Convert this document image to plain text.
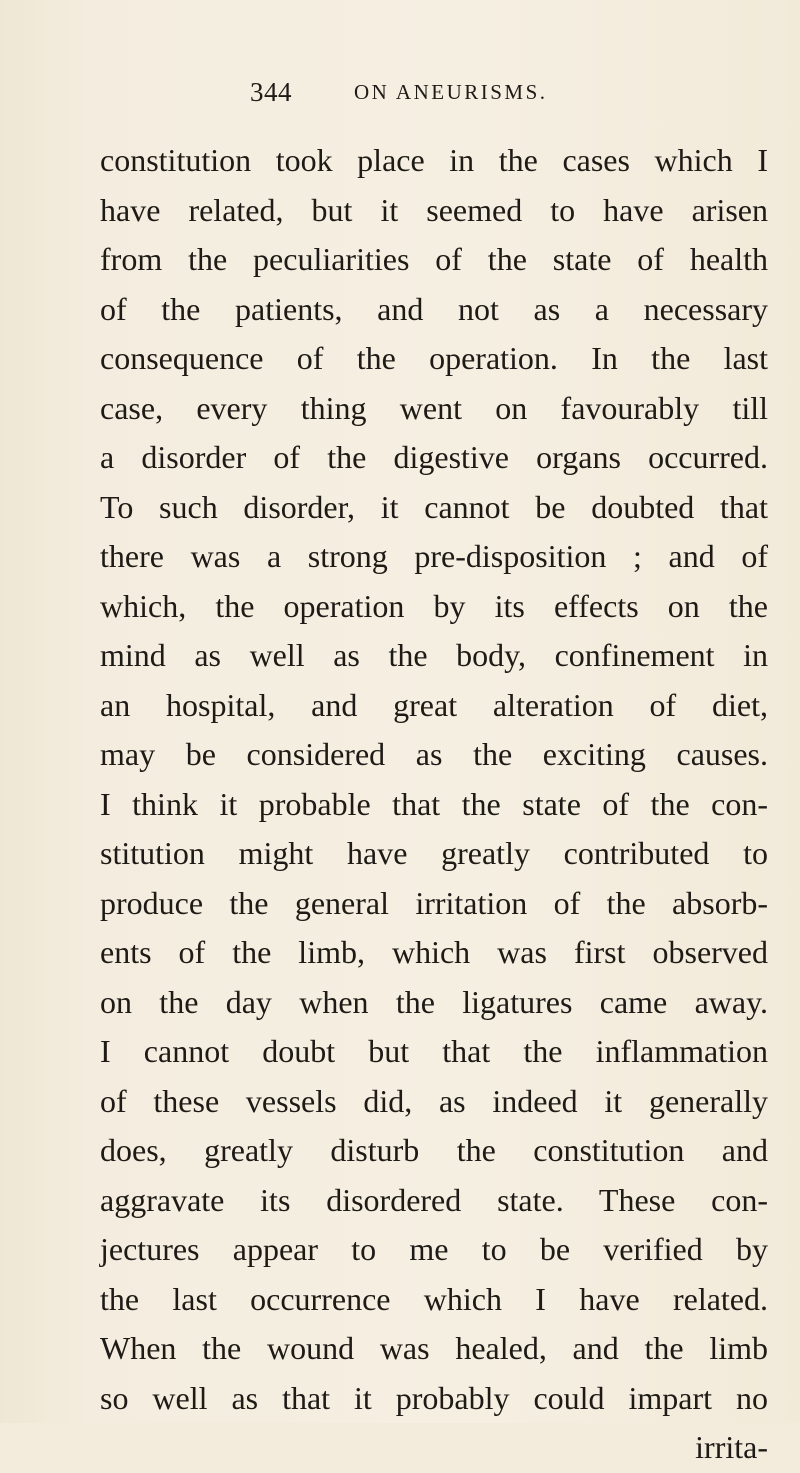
344	ON ANEURISMS.
constitution took place in the cases which I
have related, but it seemed to have arisen
from the peculiarities of the state of health
of the patients, and not as a necessary
consequence of the operation. In the last
case, every thing went on favourably till
a disorder of the digestive organs occurred.
To such disorder, it cannot be doubted that
there was a strong pre-disposition ; and of
which, the operation by its effects on the
mind as well as the body, confinement in
an hospital, and great alteration of diet,
may be considered as the exciting causes.
I think it probable that the state of the con-
stitution might have greatly contributed to
produce the general irritation of the absorb-
ents of the limb, which was first observed
on the day when the ligatures came away.
I cannot doubt but that the inflammation
of these vessels did, as indeed it generally
does, greatly disturb the constitution and
aggravate its disordered state. These con-
jectures appear to me to be verified by
the last occurrence which I have related.
When the wound was healed, and the limb
so well as that it probably could impart no
irrita-
